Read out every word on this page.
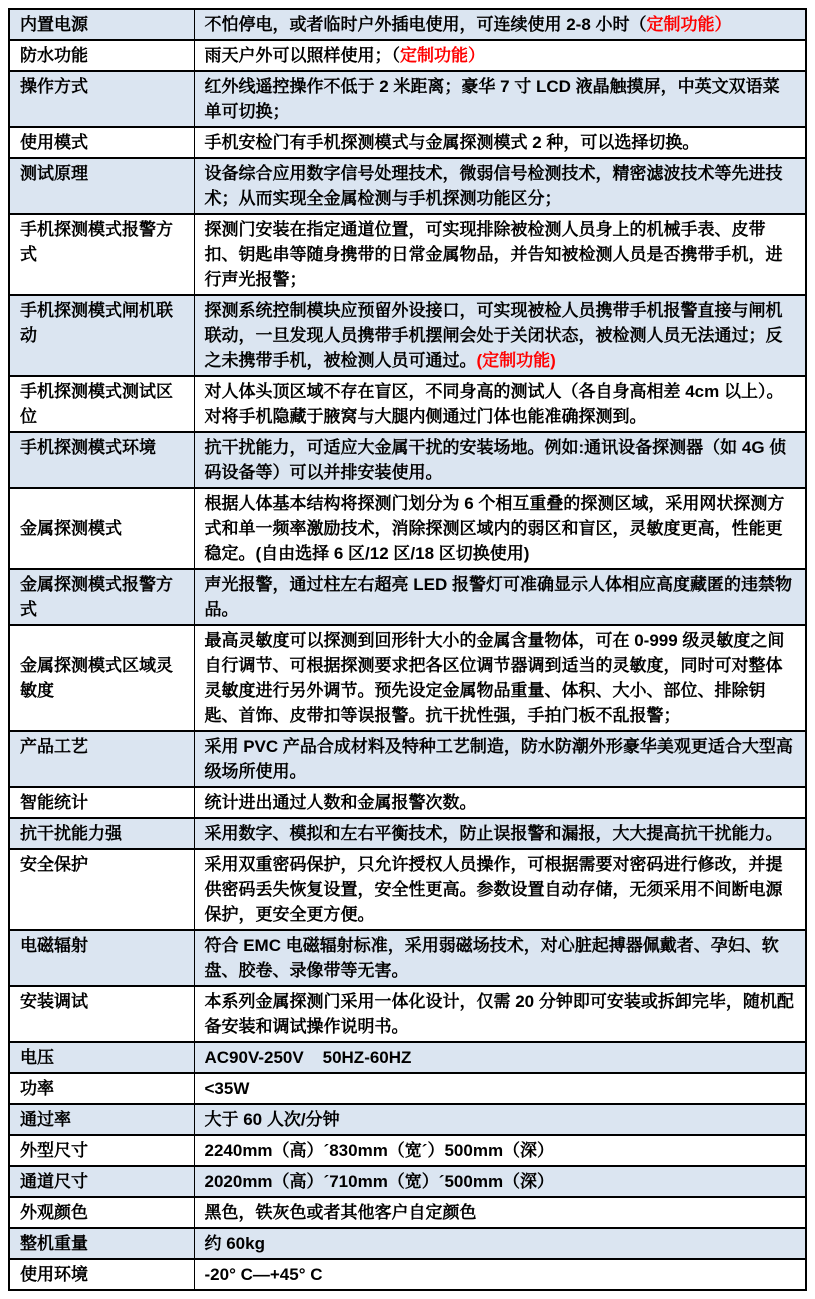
内置电源	不怕停电，或者临时户外插电使用，可连续使用 2-8 小时（定制功能）
防水功能	雨天户外可以照样使用；（定制功能）
操作方式	红外线遥控操作不低于 2 米距离；豪华 7 寸 LCD 液晶触摸屏，中英文双语菜单可切换；
使用模式	手机安检门有手机探测模式与金属探测模式 2 种，可以选择切换。
测试原理	设备综合应用数字信号处理技术，微弱信号检测技术，精密滤波技术等先进技术；从而实现全金属检测与手机探测功能区分；
手机探测模式报警方式	探测门安装在指定通道位置，可实现排除被检测人员身上的机械手表、皮带扣、钥匙串等随身携带的日常金属物品，并告知被检测人员是否携带手机，进行声光报警；
手机探测模式闸机联动	探测系统控制模块应预留外设接口，可实现被检人员携带手机报警直接与闸机联动，一旦发现人员携带手机摆闸会处于关闭状态，被检测人员无法通过；反之未携带手机，被检测人员可通过。(定制功能)
手机探测模式测试区位	对人体头顶区域不存在盲区，不同身高的测试人（各自身高相差 4cm 以上）。对将手机隐藏于腋窝与大腿内侧通过门体也能准确探测到。
手机探测模式环境	抗干扰能力，可适应大金属干扰的安装场地。例如:通讯设备探测器（如 4G 侦码设备等）可以并排安装使用。
金属探测模式	根据人体基本结构将探测门划分为 6 个相互重叠的探测区域，采用网状探测方式和单一频率激励技术，消除探测区域内的弱区和盲区，灵敏度更高，性能更稳定。(自由选择 6 区/12 区/18 区切换使用)
金属探测模式报警方式	声光报警，通过柱左右超亮 LED 报警灯可准确显示人体相应高度藏匿的违禁物品。
金属探测模式区域灵敏度	最高灵敏度可以探测到回形针大小的金属含量物体，可在 0-999 级灵敏度之间自行调节、可根据探测要求把各区位调节器调到适当的灵敏度，同时可对整体灵敏度进行另外调节。预先设定金属物品重量、体积、大小、部位、排除钥匙、首饰、皮带扣等误报警。抗干扰性强，手拍门板不乱报警；
产品工艺	采用 PVC 产品合成材料及特种工艺制造，防水防潮外形豪华美观更适合大型高级场所使用。
智能统计	统计进出通过人数和金属报警次数。
抗干扰能力强	采用数字、模拟和左右平衡技术，防止误报警和漏报，大大提高抗干扰能力。
安全保护	采用双重密码保护，只允许授权人员操作，可根据需要对密码进行修改，并提供密码丢失恢复设置，安全性更高。参数设置自动存储，无须采用不间断电源保护，更安全更方便。
电磁辐射	符合 EMC 电磁辐射标准，采用弱磁场技术，对心脏起搏器佩戴者、孕妇、软盘、胶卷、录像带等无害。
安装调试	本系列金属探测门采用一体化设计，仅需 20 分钟即可安装或拆卸完毕，随机配备安装和调试操作说明书。
电压	AC90V-250V    50HZ-60HZ
功率	<35W
通过率	大于 60 人次/分钟
外型尺寸	2240mm（高）´830mm（宽´）500mm（深）
通道尺寸	2020mm（高）´710mm（宽）´500mm（深）
外观颜色	黑色，铁灰色或者其他客户自定颜色
整机重量	约 60kg
使用环境	-20° C—+45° C
